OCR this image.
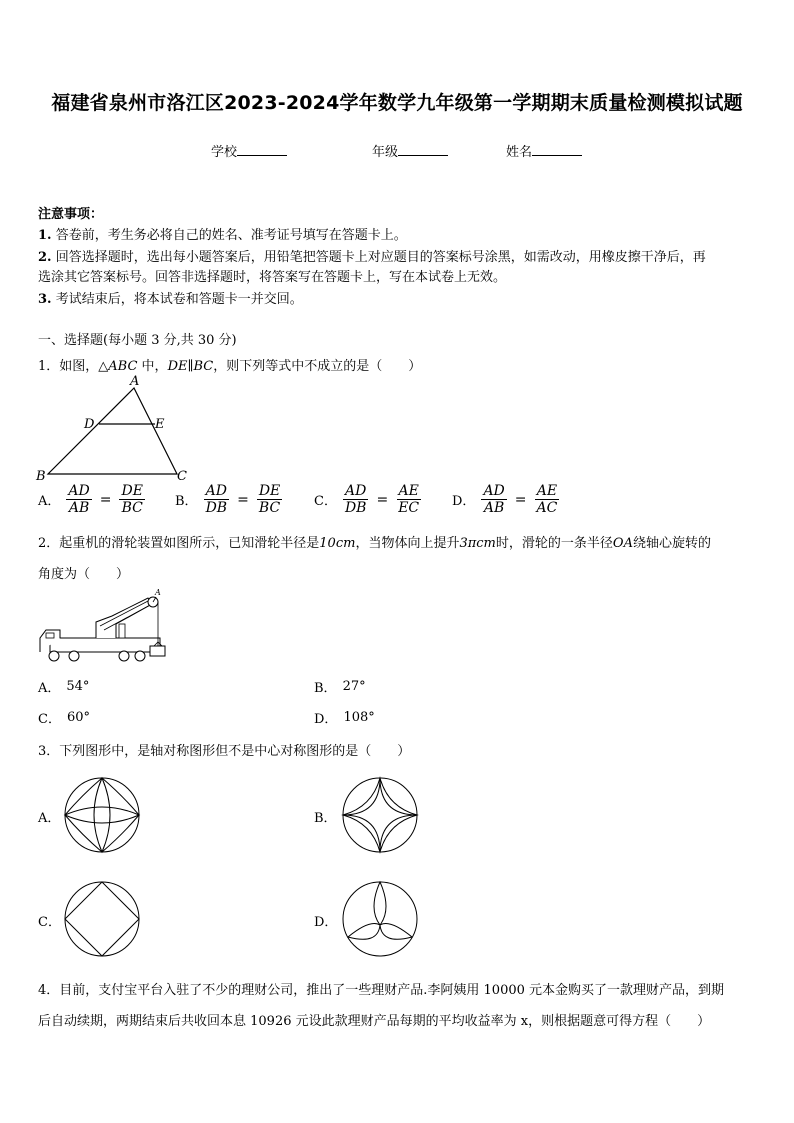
福建省泉州市洛江区2023-2024学年数学九年级第一学期期末质量检测模拟试题
学校	年级	姓名
注意事项：
1. 答卷前，考生务必将自己的姓名、准考证号填写在答题卡上。
2. 回答选择题时，选出每小题答案后，用铅笔把答题卡上对应题目的答案标号涂黑，如需改动，用橡皮擦干净后，再
选涂其它答案标号。回答非选择题时，将答案写在答题卡上，写在本试卷上无效。
3. 考试结束后，将本试卷和答题卡一并交回。
一、选择题(每小题 3 分,共 30 分)
1．如图，△ABC 中，DE∥BC，则下列等式中不成立的是（　　）
A
D	E
B	C
A． $\frac{AD}{AB} = \frac{DE}{BC}$ B． $\frac{AD}{DB} = \frac{DE}{BC}$ C． $\frac{AD}{DB} = \frac{AE}{EC}$ D． $\frac{AD}{AB} = \frac{AE}{AC}$
2．起重机的滑轮装置如图所示，已知滑轮半径是10cm，当物体向上提升3πcm时，滑轮的一条半径OA绕轴心旋转的
角度为（　　）
A
A． 54°	B． 27°
C． 60°	D． 108°
3．下列图形中，是轴对称图形但不是中心对称图形的是（　　）
A．	B．
C．	D．
4．目前，支付宝平台入驻了不少的理财公司，推出了一些理财产品.李阿姨用 10000 元本金购买了一款理财产品，到期
后自动续期，两期结束后共收回本息 10926 元设此款理财产品每期的平均收益率为 x，则根据题意可得方程（　　）
